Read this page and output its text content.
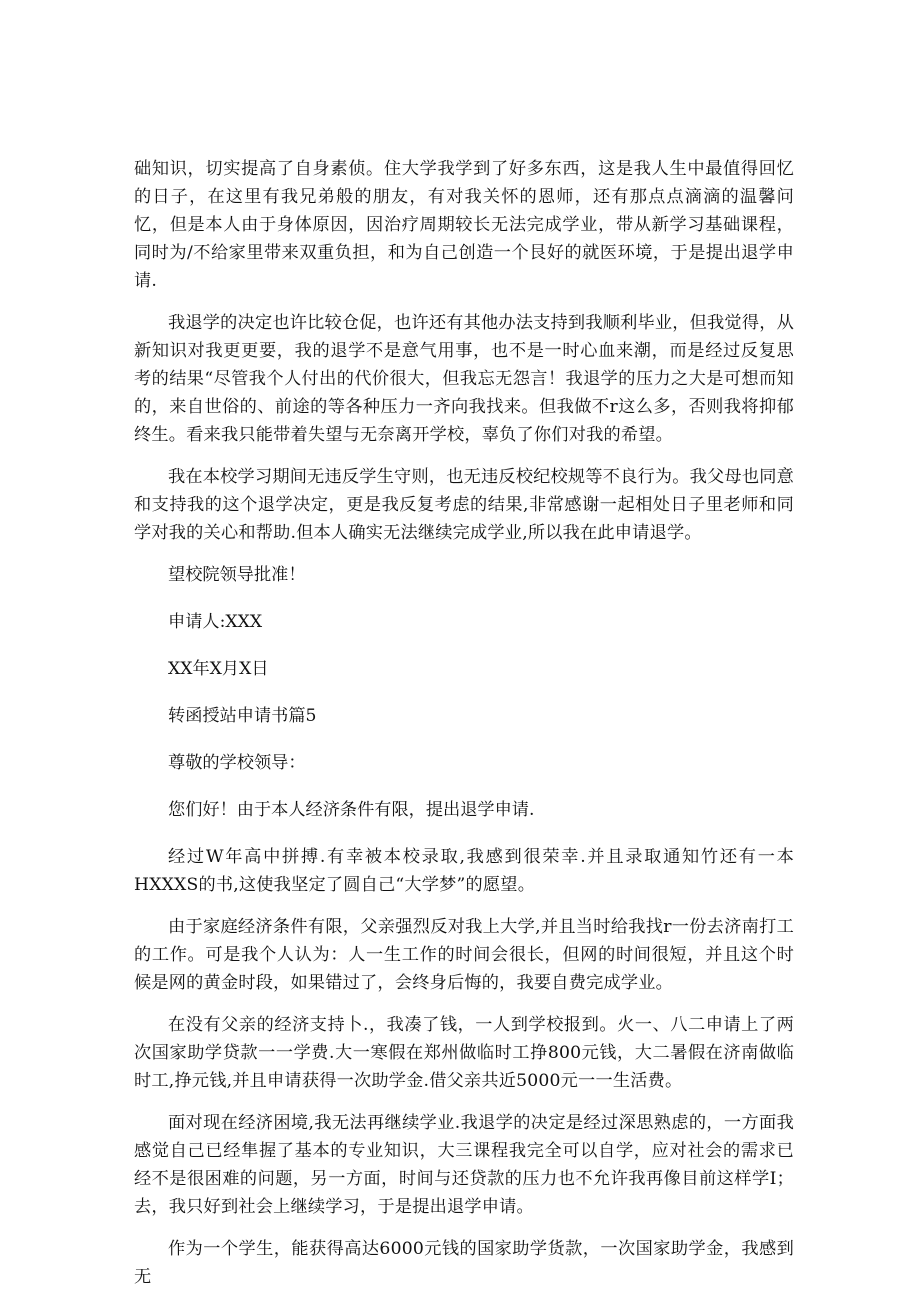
础知识，切实提高了自身素侦。住大学我学到了好多东西，这是我人生中最值得回忆的日子，在这里有我兄弟般的朋友，有对我关怀的恩师，还有那点点滴滴的温馨问忆，但是本人由于身体原因，因治疗周期较长无法完成学业，带从新学习基础课程，同时为/不给家里带来双重负担，和为自己创造一个艮好的就医环境，于是提出退学申请.

我退学的决定也许比较仓促，也许还有其他办法支持到我顺利毕业，但我觉得，从新知识对我更更要，我的退学不是意气用事，也不是一时心血来潮，而是经过反复思考的结果“尽管我个人付出的代价很大，但我忘无怨言！我退学的压力之大是可想而知的，来自世俗的、前途的等各种压力一齐向我找来。但我做不r这么多，否则我将抑郁终生。看来我只能带着失望与无奈离开学校，辜负了你们对我的希望。

我在本校学习期间无违反学生守则，也无违反校纪校规等不良行为。我父母也同意和支持我的这个退学决定，更是我反复考虑的结果,非常感谢一起相处日子里老师和同学对我的关心和帮助.但本人确实无法继续完成学业,所以我在此申请退学。

望校院领导批准！

申请人:XXX

XX年X月X日

转函授站申请书篇5

尊敬的学校领导：

您们好！由于本人经济条件有限，提出退学申请.

经过W年高中拼搏.有幸被本校录取,我感到很荣幸.并且录取通知竹还有一本HXXXS的书,这使我坚定了圆自己“大学梦”的愿望。

由于家庭经济条件有限，父亲强烈反对我上大学,并且当时给我找r一份去济南打工的工作。可是我个人认为：人一生工作的时间会很长，但网的时间很短，并且这个时候是网的黄金时段，如果错过了，会终身后悔的，我要自费完成学业。

在没有父亲的经济支持卜.，我凑了钱，一人到学校报到。火一、八二申请上了两次国家助学贷款一一学费.大一寒假在郑州做临时工挣800元钱，大二暑假在济南做临时工,挣元钱,并且申请获得一次助学金.借父亲共近5000元一一生活费。

面对现在经济困境,我无法再继续学业.我退学的决定是经过深思熟虑的，一方面我感觉自己已经隼握了基本的专业知识，大三课程我完全可以自学，应对社会的需求已经不是很困难的问题，另一方面，时间与还贷款的压力也不允许我再像目前这样学I；去，我只好到社会上继续学习，于是提出退学申请。

作为一个学生，能获得高达6000元钱的国家助学货款，一次国家助学金，我感到无
